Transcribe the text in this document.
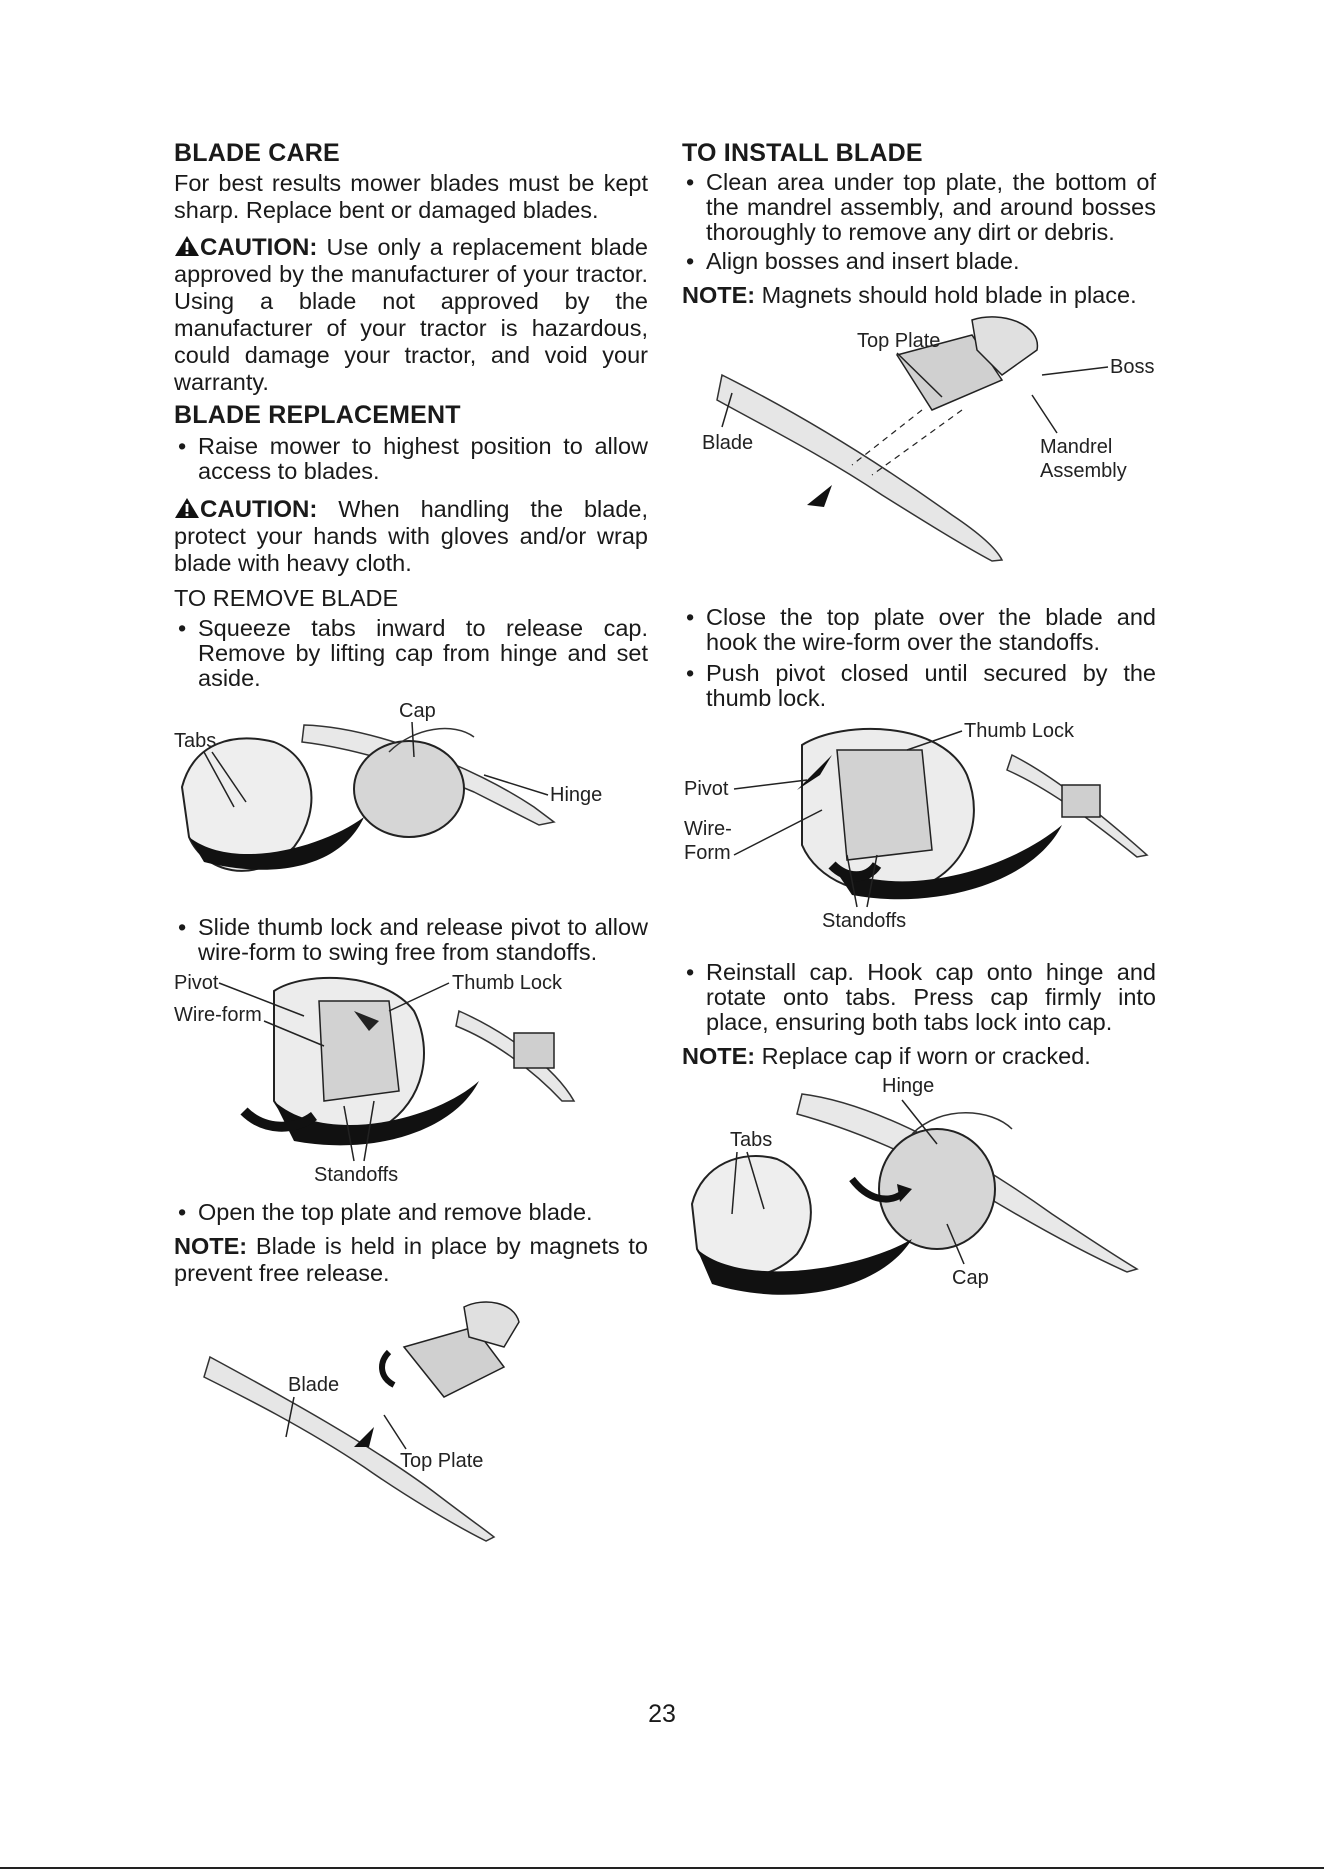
BLADE CARE

For best results mower blades must be kept sharp. Replace bent or damaged blades.

CAUTION: Use only a replacement blade approved by the manufacturer of your tractor. Using a blade not approved by the manufacturer of your tractor is hazardous, could damage your tractor, and void your warranty.

BLADE REPLACEMENT
• Raise mower to highest position to allow access to blades.

CAUTION: When handling the blade, protect your hands with gloves and/or wrap blade with heavy cloth.

TO REMOVE BLADE

• Squeeze tabs inward to release cap. Remove by lifting cap from hinge and set aside.
Tabs
Cap
Hinge
• Slide thumb lock and release pivot to allow wire-form to swing free from standoffs.
Pivot
Wire-form
Thumb Lock
Standoffs
• Open the top plate and remove blade.

NOTE: Blade is held in place by magnets to prevent free release.

Blade
Top Plate
TO INSTALL BLADE
• Clean area under top plate, the bottom of the mandrel assembly, and around bosses thoroughly to remove any dirt or debris.
• Align bosses and insert blade.

NOTE: Magnets should hold blade in place.

Top Plate
Boss
Blade	Mandrel
Assembly
• Close the top plate over the blade and hook the wire-form over the standoffs.
• Push pivot closed until secured by the thumb lock.
Thumb Lock
Pivot
Wire-
Form
Standoffs
• Reinstall cap. Hook cap onto hinge and rotate onto tabs. Press cap firmly into place, ensuring both tabs lock into cap.

NOTE: Replace cap if worn or cracked.

Hinge
Tabs
Cap
23
